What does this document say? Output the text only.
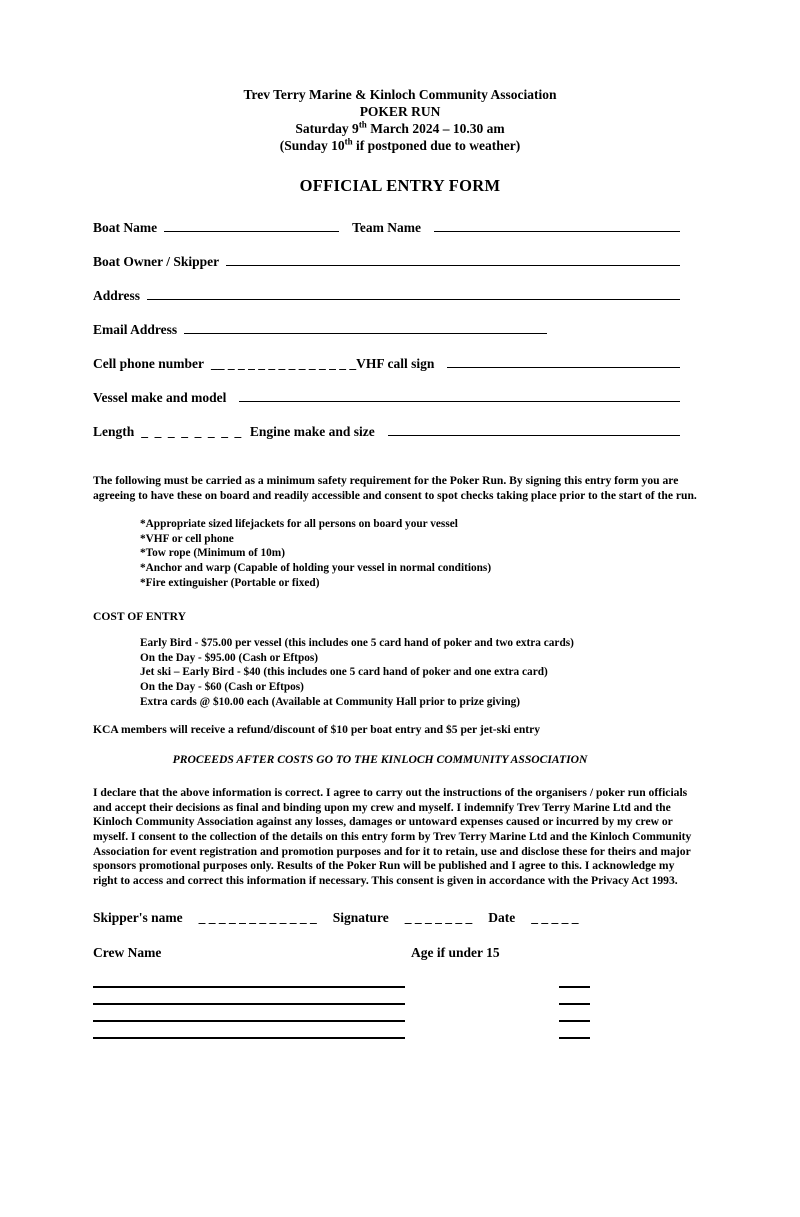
Trev Terry Marine & Kinloch Community Association
POKER RUN
Saturday 9th March 2024 – 10.30 am
(Sunday 10th if postponed due to weather)
OFFICIAL ENTRY FORM
Boat Name	Team Name
Boat Owner / Skipper
Address
Email Address
Cell phone number __ _ _ _ _ _ _ _ _ _ _ _ _ _ VHF call sign
Vessel make and model
Length _ _ _ _ _ _ _ _ Engine make and size
The following must be carried as a minimum safety requirement for the Poker Run. By signing this entry form you are agreeing to have these on board and readily accessible and consent to spot checks taking place prior to the start of the run.
*Appropriate sized lifejackets for all persons on board your vessel
*VHF or cell phone
*Tow rope (Minimum of 10m)
*Anchor and warp (Capable of holding your vessel in normal conditions)
*Fire extinguisher (Portable or fixed)
COST OF ENTRY
Early Bird - $75.00 per vessel (this includes one 5 card hand of poker and two extra cards)
On the Day - $95.00 (Cash or Eftpos)
Jet ski – Early Bird - $40 (this includes one 5 card hand of poker and one extra card)
On the Day - $60 (Cash or Eftpos)
Extra cards @ $10.00 each (Available at Community Hall prior to prize giving)
KCA members will receive a refund/discount of $10 per boat entry and $5 per jet-ski entry
PROCEEDS AFTER COSTS GO TO THE KINLOCH COMMUNITY ASSOCIATION
I declare that the above information is correct. I agree to carry out the instructions of the organisers / poker run officials and accept their decisions as final and binding upon my crew and myself. I indemnify Trev Terry Marine Ltd and the Kinloch Community Association against any losses, damages or untoward expenses caused or incurred by my crew or myself. I consent to the collection of the details on this entry form by Trev Terry Marine Ltd and the Kinloch Community Association for event registration and promotion purposes and for it to retain, use and disclose these for theirs and major sponsors promotional purposes only. Results of the Poker Run will be published and I agree to this. I acknowledge my right to access and correct this information if necessary. This consent is given in accordance with the Privacy Act 1993.
Skipper's name _ _ _ _ _ _ _ _ _ _ _ _ Signature _ _ _ _ _ _ _ Date _ _ _ _ _
Crew Name	Age if under 15
